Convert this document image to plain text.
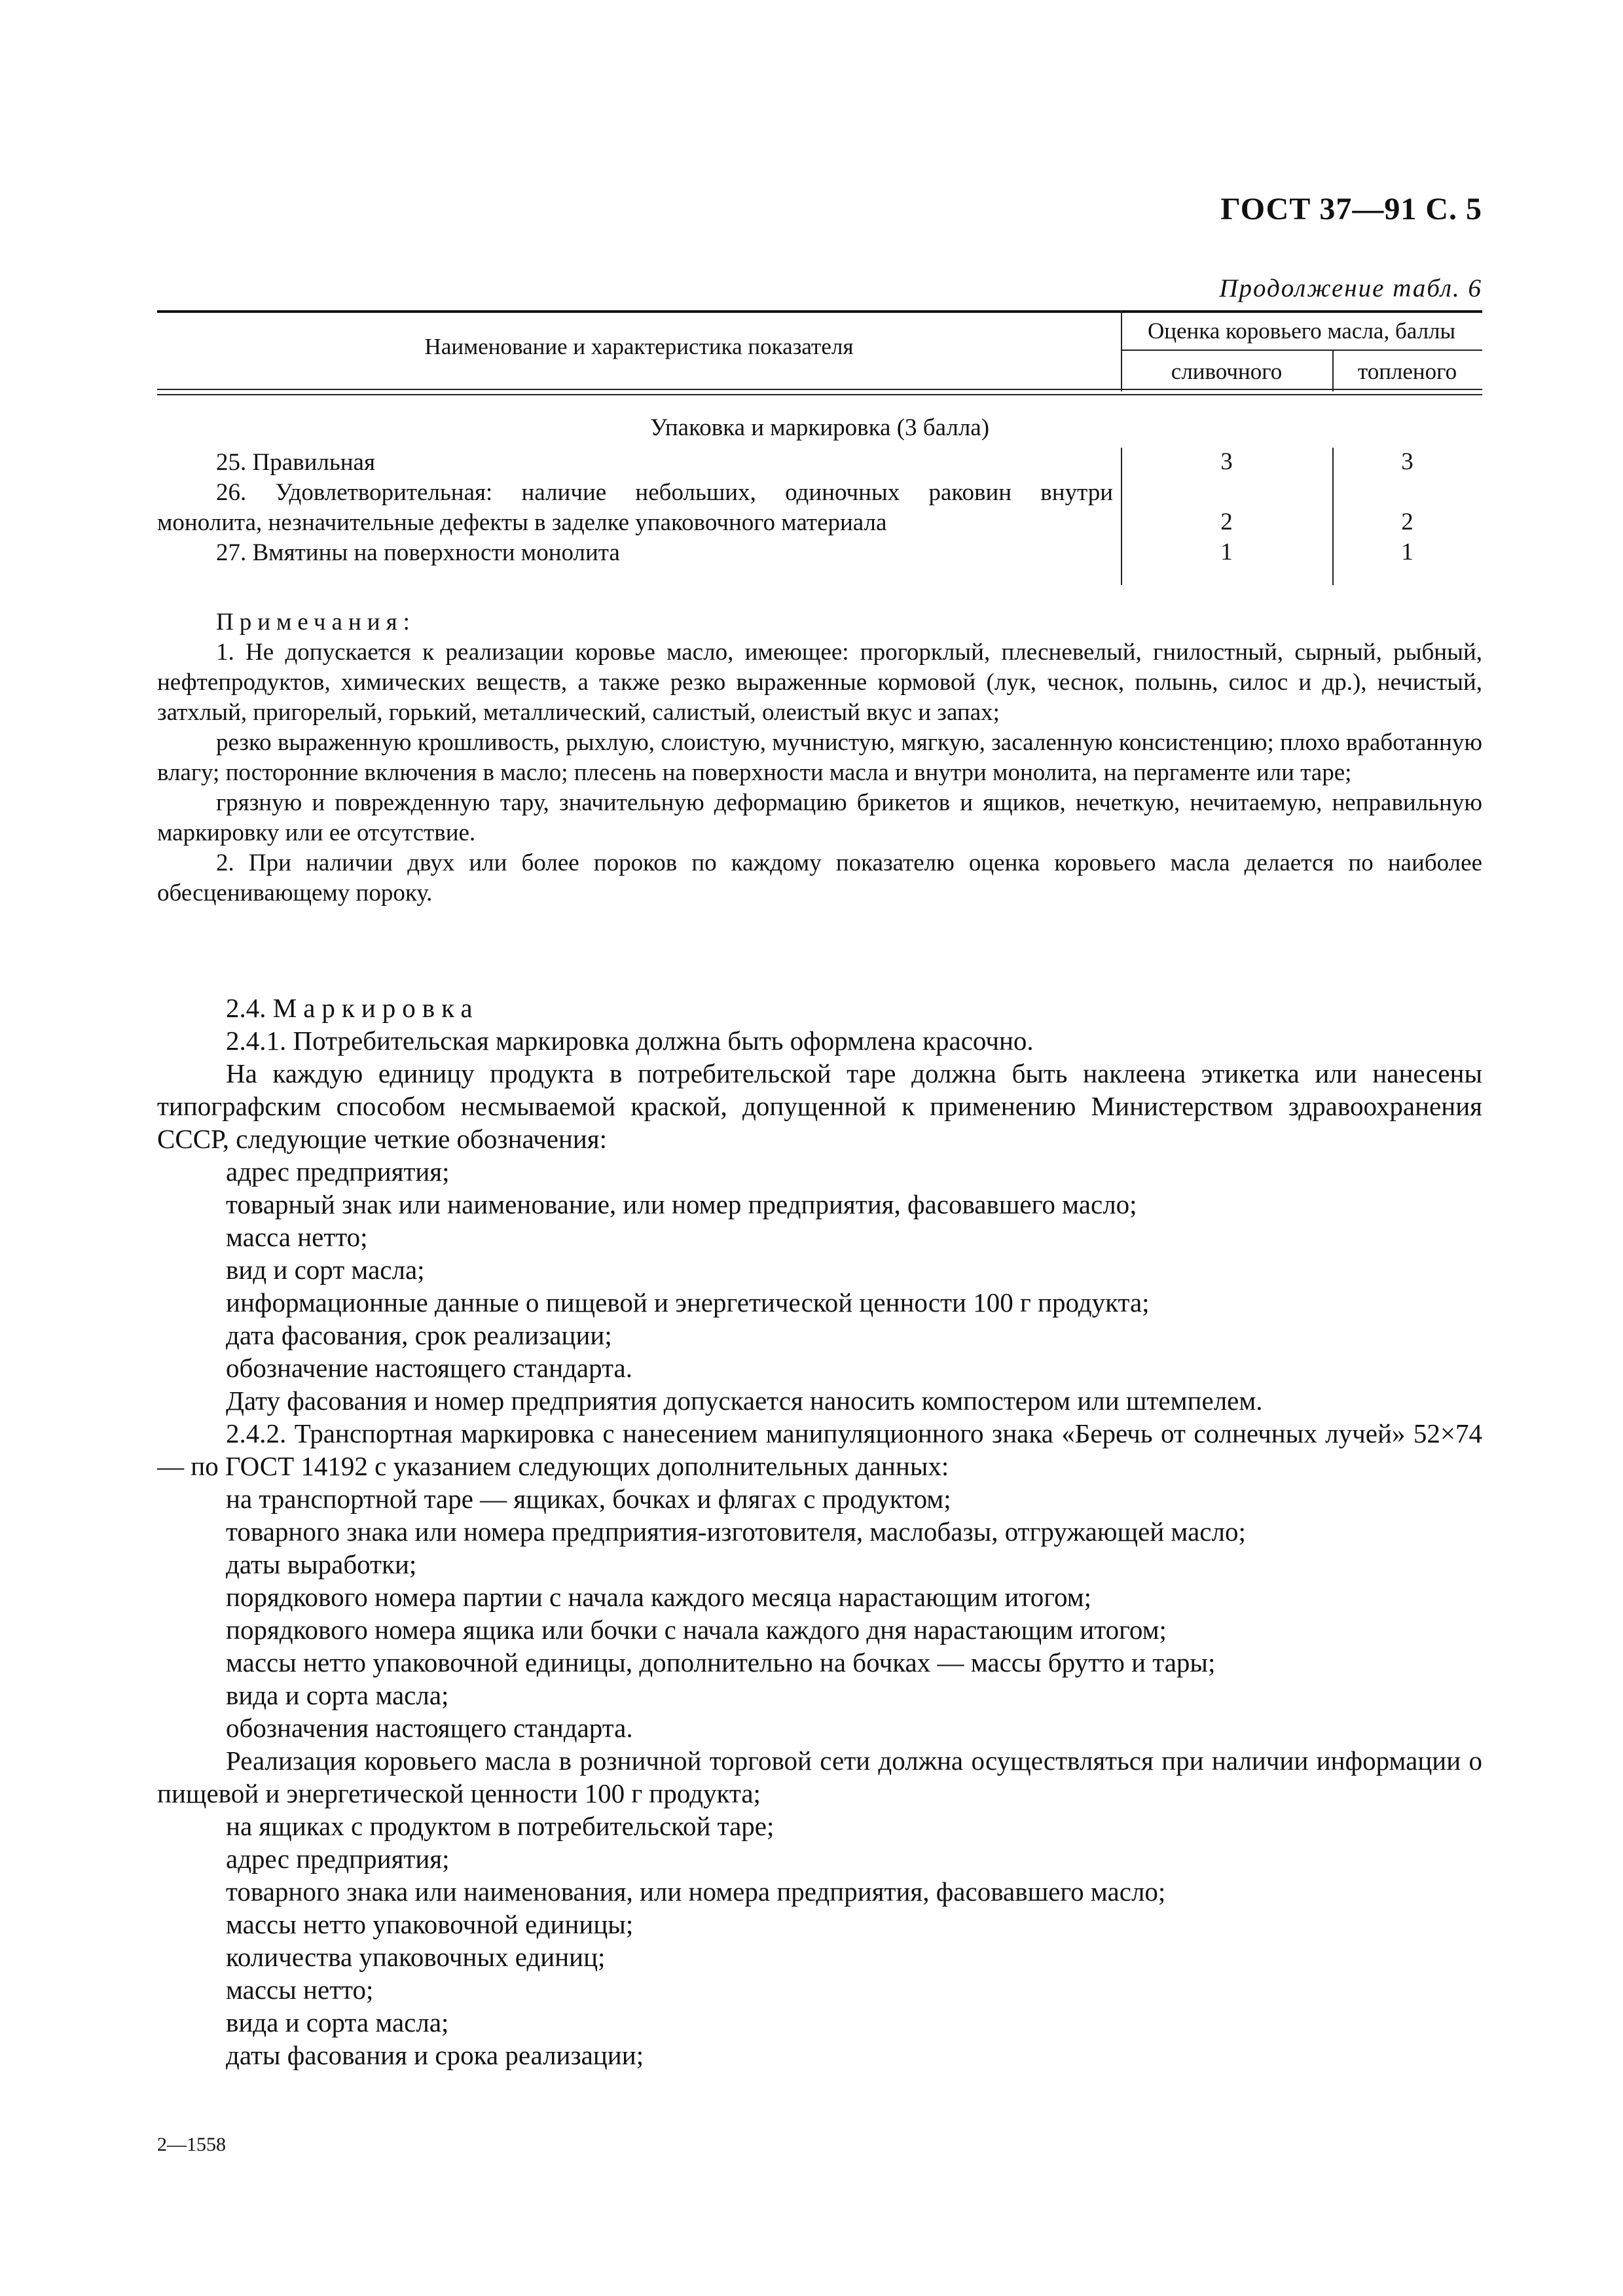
ГОСТ 37—91 С. 5
Продолжение табл. 6
Наименование и характеристика показателя
Оценка коровьего масла, баллы
сливочного	топленого
Упаковка и маркировка (3 балла)
25. Правильная	3	3
26. Удовлетворительная: наличие небольших, одиночных раковин внутри
монолита, незначительные дефекты в заделке упаковочного материала	2	2
27. Вмятины на поверхности монолита	1	1

Примечания:

1. Не допускается к реализации коровье масло, имеющее: прогорклый, плесневелый, гнилостный, сырный, рыбный, нефтепродуктов, химических веществ, а также резко выраженные кормовой (лук, чеснок, полынь, силос и др.), нечистый, затхлый, пригорелый, горький, металлический, салистый, олеистый вкус и запах;

резко выраженную крошливость, рыхлую, слоистую, мучнистую, мягкую, засаленную консистенцию; плохо вработанную влагу; посторонние включения в масло; плесень на поверхности масла и внутри монолита, на пергаменте или таре;

грязную и поврежденную тару, значительную деформацию брикетов и ящиков, нечеткую, нечитаемую, неправильную маркировку или ее отсутствие.

2. При наличии двух или более пороков по каждому показателю оценка коровьего масла делается по наиболее обесценивающему пороку.

2.4. Маркировка

2.4.1. Потребительская маркировка должна быть оформлена красочно.

На каждую единицу продукта в потребительской таре должна быть наклеена этикетка или нанесены типографским способом несмываемой краской, допущенной к применению Министерством здравоохранения СССР, следующие четкие обозначения:

адрес предприятия;

товарный знак или наименование, или номер предприятия, фасовавшего масло;

масса нетто;

вид и сорт масла;

информационные данные о пищевой и энергетической ценности 100 г продукта;

дата фасования, срок реализации;

обозначение настоящего стандарта.

Дату фасования и номер предприятия допускается наносить компостером или штемпелем.

2.4.2. Транспортная маркировка с нанесением манипуляционного знака «Беречь от солнечных лучей» 52×74 — по ГОСТ 14192 с указанием следующих дополнительных данных:

на транспортной таре — ящиках, бочках и флягах с продуктом;

товарного знака или номера предприятия-изготовителя, маслобазы, отгружающей масло;

даты выработки;

порядкового номера партии с начала каждого месяца нарастающим итогом;

порядкового номера ящика или бочки с начала каждого дня нарастающим итогом;

массы нетто упаковочной единицы, дополнительно на бочках — массы брутто и тары;

вида и сорта масла;

обозначения настоящего стандарта.

Реализация коровьего масла в розничной торговой сети должна осуществляться при наличии информации о пищевой и энергетической ценности 100 г продукта;

на ящиках с продуктом в потребительской таре;

адрес предприятия;

товарного знака или наименования, или номера предприятия, фасовавшего масло;

массы нетто упаковочной единицы;

количества упаковочных единиц;

массы нетто;

вида и сорта масла;

даты фасования и срока реализации;

2—1558
